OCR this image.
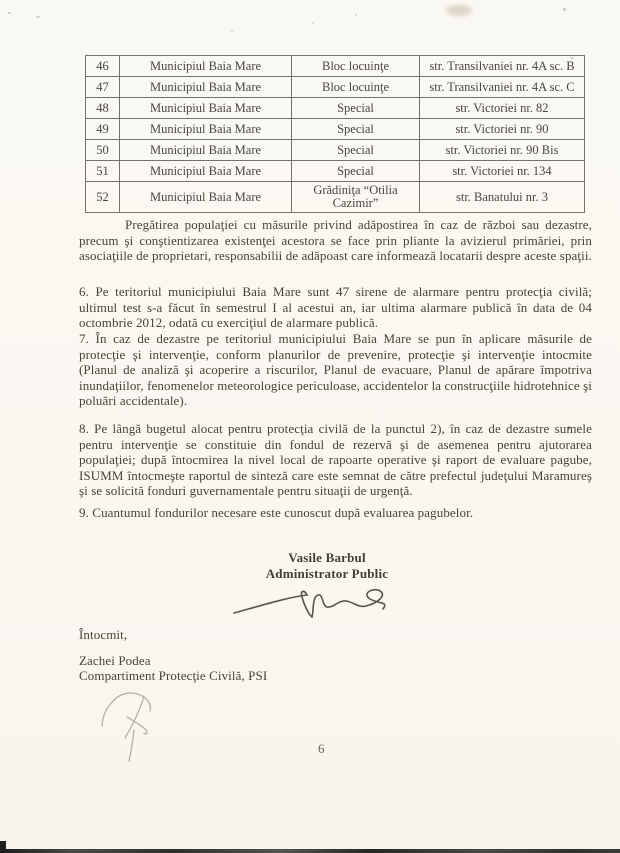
46	Municipiul Baia Mare	Bloc locuinţe	str. Transilvaniei nr. 4A sc. B
47	Municipiul Baia Mare	Bloc locuinţe	str. Transilvaniei nr. 4A sc. C
48	Municipiul Baia Mare	Special	str. Victoriei nr. 82
49	Municipiul Baia Mare	Special	str. Victoriei nr. 90
50	Municipiul Baia Mare	Special	str. Victoriei nr. 90 Bis
51	Municipiul Baia Mare	Special	str. Victoriei nr. 134
52	Municipiul Baia Mare	Grădiniţa “Otilia Cazimir”	str. Banatului nr. 3

Pregătirea populaţiei cu măsurile privind adăpostirea în caz de război sau dezastre, precum şi conştientizarea existenţei acestora se face prin pliante la avizierul primăriei, prin asociaţiile de proprietari, responsabilii de adăpoast care informează locatarii despre aceste spaţii.

6. Pe teritoriul municipiului Baia Mare sunt 47 sirene de alarmare pentru protecţia civilă; ultimul test s-a făcut în semestrul I al acestui an, iar ultima alarmare publică în data de 04 octombrie 2012, odată cu exerciţiul de alarmare publică.

7. În caz de dezastre pe teritoriul municipiului Baia Mare se pun în aplicare măsurile de protecţie şi intervenţie, conform planurilor de prevenire, protecţie şi intervenţie intocmite (Planul de analiză şi acoperire a riscurilor, Planul de evacuare, Planul de apărare împotriva inundaţiilor, fenomenelor meteorologice periculoase, accidentelor la construcţiile hidrotehnice şi poluări accidentale).

8. Pe lângă bugetul alocat pentru protecţia civilă de la punctul 2), în caz de dezastre sumele pentru intervenţie se constituie din fondul de rezervă şi de asemenea pentru ajutorarea populaţiei; după întocmirea la nivel local de rapoarte operative şi raport de evaluare pagube, ISUMM întocmeşte raportul de sinteză care este semnat de către prefectul judeţului Maramureş şi se solicită fonduri guvernamentale pentru situaţii de urgenţă.

9. Cuantumul fondurilor necesare este cunoscut după evaluarea pagubelor.

Vasile Barbul
Administrator Public
Întocmit,
Zachei Podea
Compartiment Protecţie Civilă, PSI
6
